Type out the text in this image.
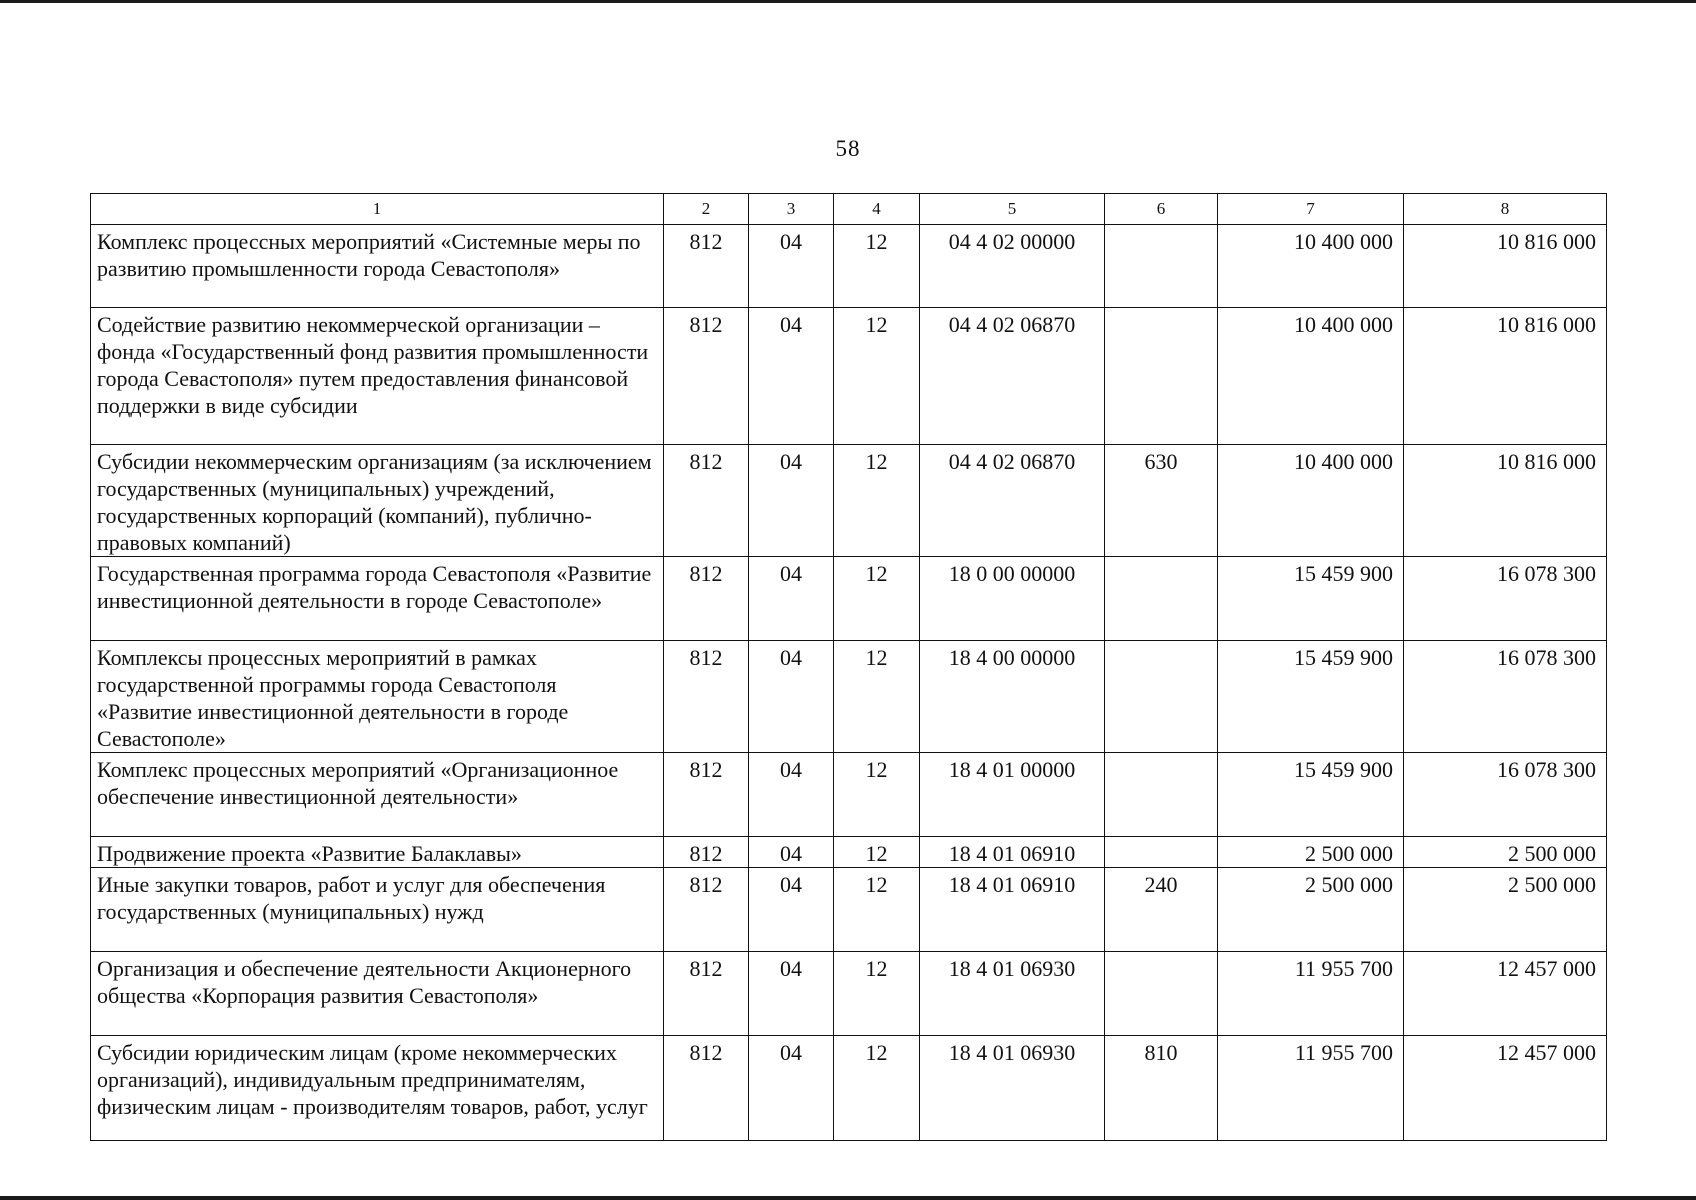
58
1	2	3	4	5	6	7	8
Комплекс процессных мероприятий «Системные меры по развитию промышленности города Севастополя»	812	04	12	04 4 02 00000		10 400 000	10 816 000
Содействие развитию некоммерческой организации – фонда «Государственный фонд развития промышленности города Севастополя» путем предоставления финансовой поддержки в виде субсидии	812	04	12	04 4 02 06870		10 400 000	10 816 000
Субсидии некоммерческим организациям (за исключением государственных (муниципальных) учреждений, государственных корпораций (компаний), публично-правовых компаний)	812	04	12	04 4 02 06870	630	10 400 000	10 816 000
Государственная программа города Севастополя «Развитие инвестиционной деятельности в городе Севастополе»	812	04	12	18 0 00 00000		15 459 900	16 078 300
Комплексы процессных мероприятий в рамках государственной программы города Севастополя «Развитие инвестиционной деятельности в городе Севастополе»	812	04	12	18 4 00 00000		15 459 900	16 078 300
Комплекс процессных мероприятий «Организационное обеспечение инвестиционной деятельности»	812	04	12	18 4 01 00000		15 459 900	16 078 300
Продвижение проекта «Развитие Балаклавы»	812	04	12	18 4 01 06910		2 500 000	2 500 000
Иные закупки товаров, работ и услуг для обеспечения государственных (муниципальных) нужд	812	04	12	18 4 01 06910	240	2 500 000	2 500 000
Организация и обеспечение деятельности Акционерного общества «Корпорация развития Севастополя»	812	04	12	18 4 01 06930		11 955 700	12 457 000
Субсидии юридическим лицам (кроме некоммерческих организаций), индивидуальным предпринимателям, физическим лицам - производителям товаров, работ, услуг	812	04	12	18 4 01 06930	810	11 955 700	12 457 000
